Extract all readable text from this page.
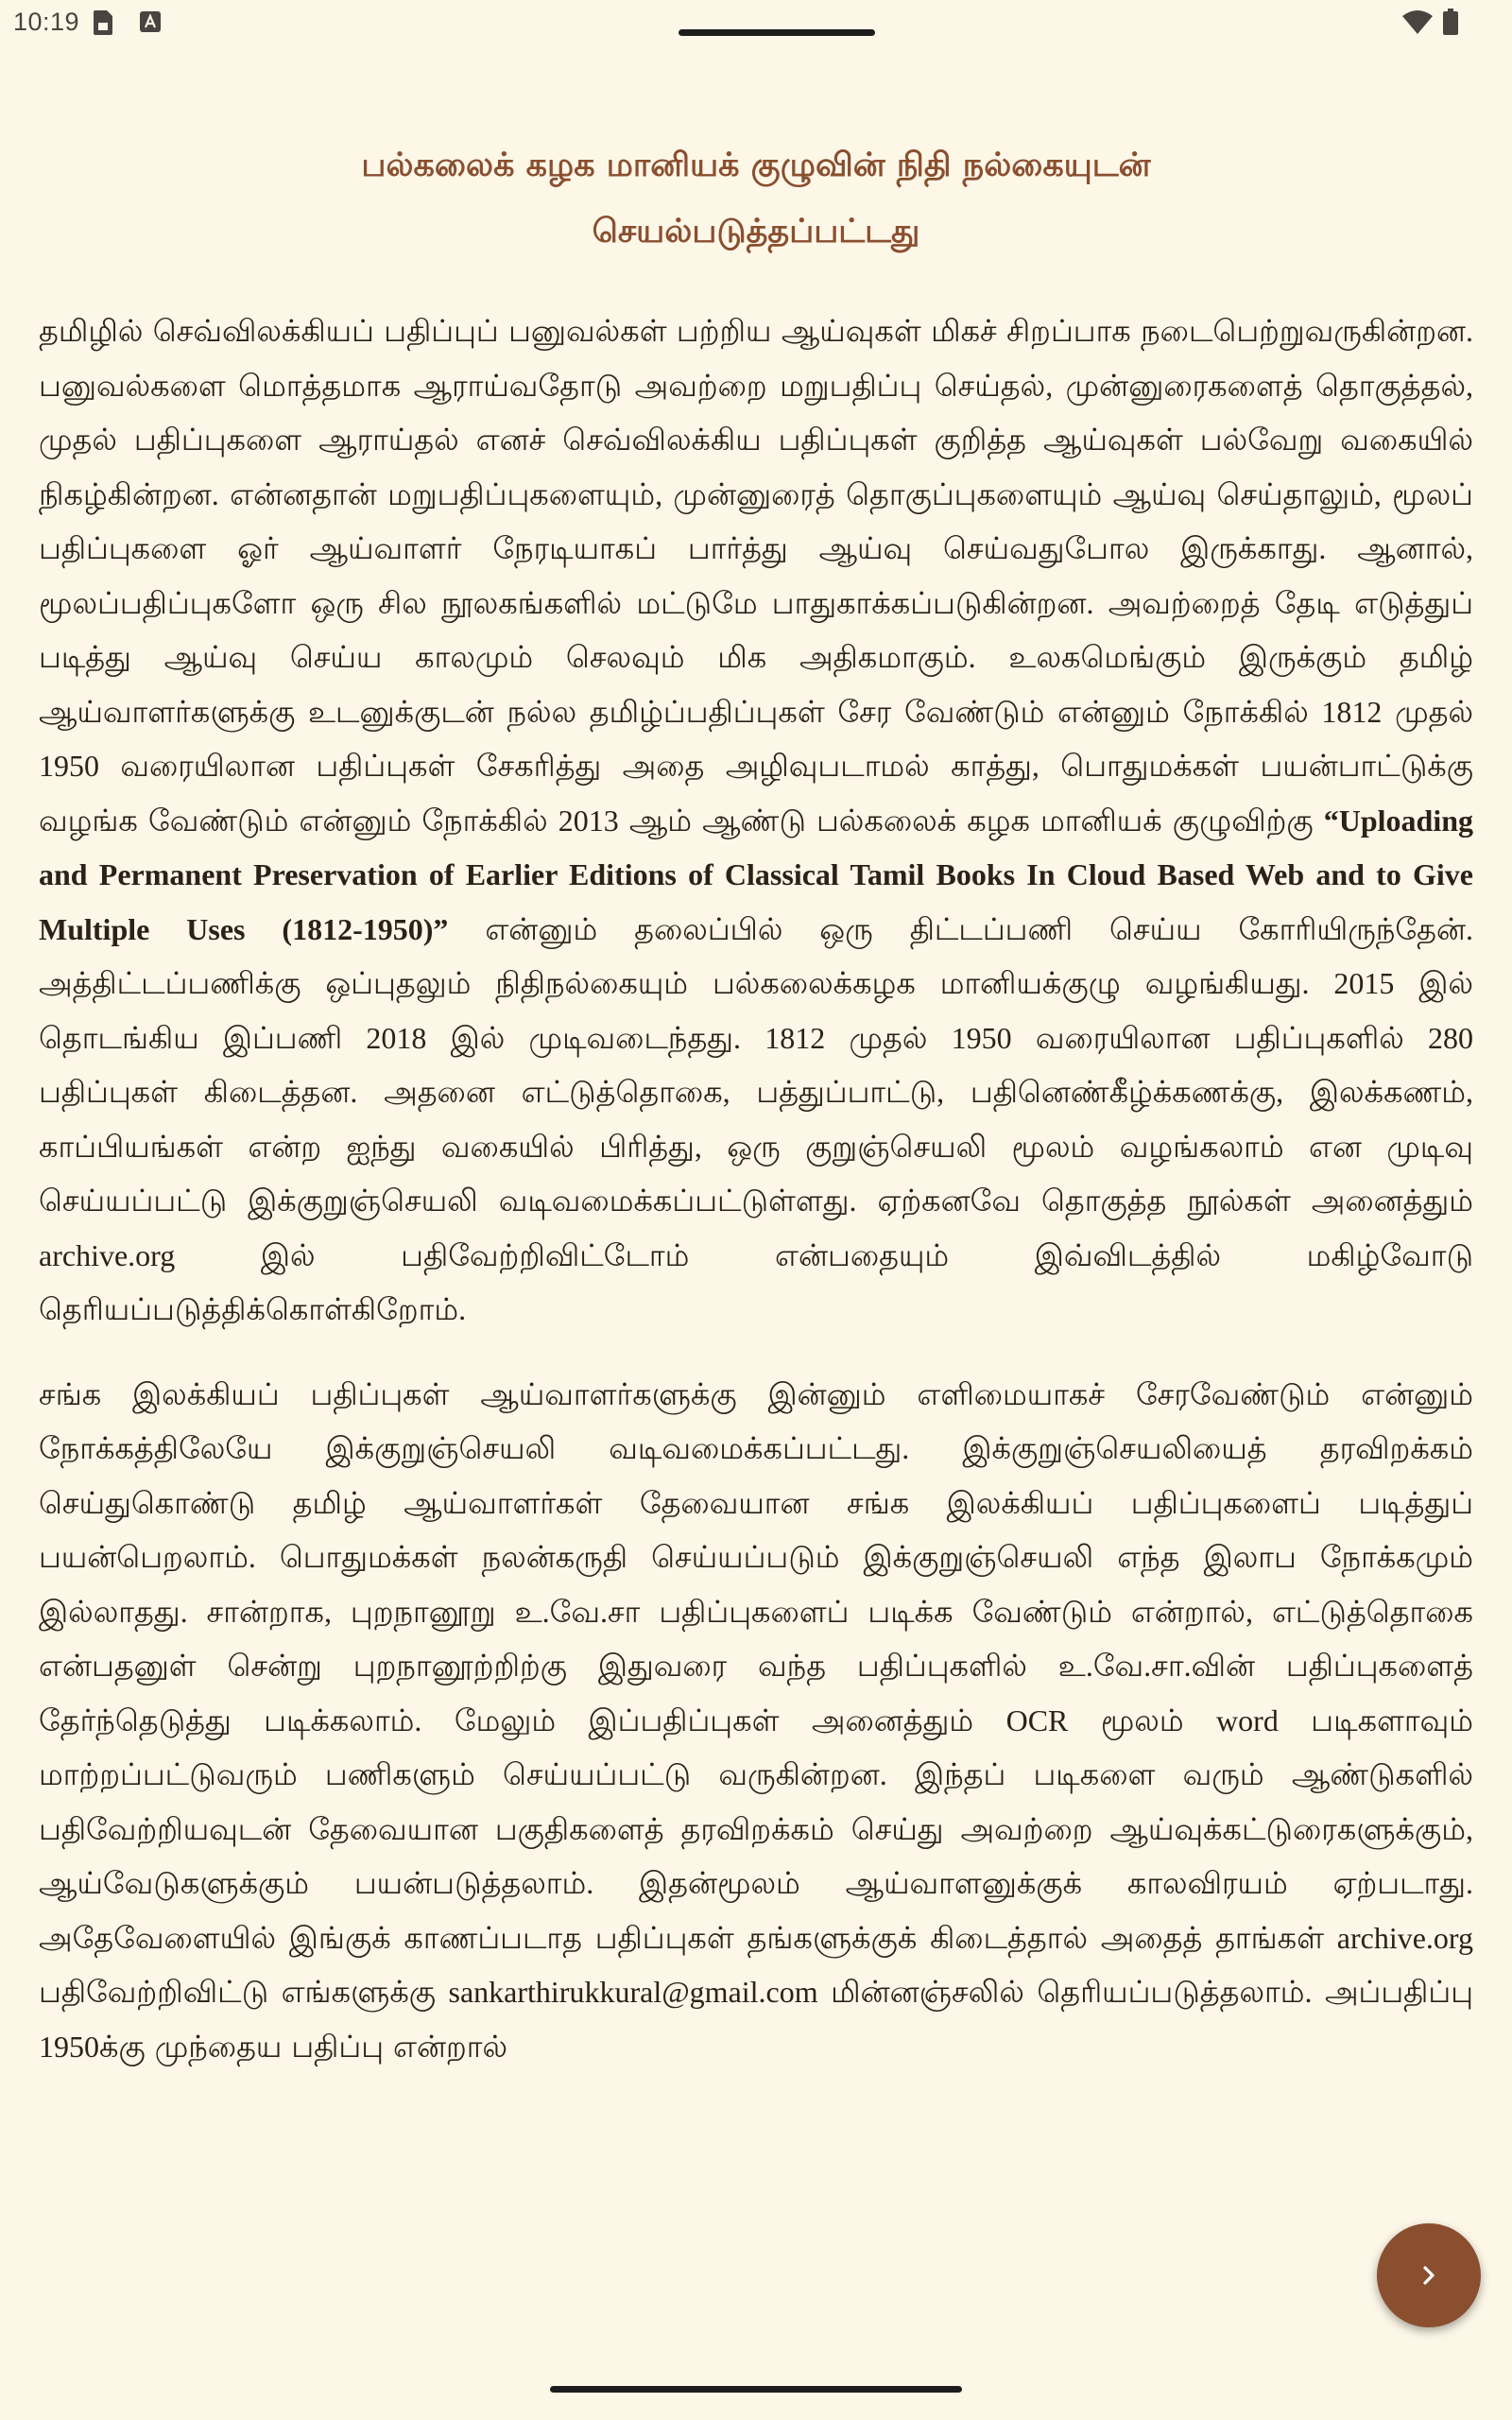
10:19
பல்கலைக் கழக மானியக் குழுவின் நிதி நல்கையுடன்
செயல்படுத்தப்பட்டது

தமிழில் செவ்விலக்கியப் பதிப்புப் பனுவல்கள் பற்றிய ஆய்வுகள் மிகச் சிறப்பாக நடைபெற்றுவருகின்றன. பனுவல்களை மொத்தமாக ஆராய்வதோடு அவற்றை மறுபதிப்பு செய்தல், முன்னுரைகளைத் தொகுத்தல், முதல் பதிப்புகளை ஆராய்தல் எனச் செவ்விலக்கிய பதிப்புகள் குறித்த ஆய்வுகள் பல்வேறு வகையில் நிகழ்கின்றன. என்னதான் மறுபதிப்புகளையும், முன்னுரைத் தொகுப்புகளையும் ஆய்வு செய்தாலும், மூலப் பதிப்புகளை ஓர் ஆய்வாளர் நேரடியாகப் பார்த்து ஆய்வு செய்வதுபோல இருக்காது. ஆனால், மூலப்பதிப்புகளோ ஒரு சில நூலகங்களில் மட்டுமே பாதுகாக்கப்படுகின்றன. அவற்றைத் தேடி எடுத்துப் படித்து ஆய்வு செய்ய காலமும் செலவும் மிக அதிகமாகும். உலகமெங்கும் இருக்கும் தமிழ் ஆய்வாளர்களுக்கு உடனுக்குடன் நல்ல தமிழ்ப்பதிப்புகள் சேர வேண்டும் என்னும் நோக்கில் 1812 முதல் 1950 வரையிலான பதிப்புகள் சேகரித்து அதை அழிவுபடாமல் காத்து, பொதுமக்கள் பயன்பாட்டுக்கு வழங்க வேண்டும் என்னும் நோக்கில் 2013 ஆம் ஆண்டு பல்கலைக் கழக மானியக் குழுவிற்கு “Uploading and Permanent Preservation of Earlier Editions of Classical Tamil Books In Cloud Based Web and to Give Multiple Uses (1812-1950)” என்னும் தலைப்பில் ஒரு திட்டப்பணி செய்ய கோரியிருந்தேன். அத்திட்டப்பணிக்கு ஒப்புதலும் நிதிநல்கையும் பல்கலைக்கழக மானியக்குழு வழங்கியது. 2015 இல் தொடங்கிய இப்பணி 2018 இல் முடிவடைந்தது. 1812 முதல் 1950 வரையிலான பதிப்புகளில் 280 பதிப்புகள் கிடைத்தன. அதனை எட்டுத்தொகை, பத்துப்பாட்டு, பதினெண்கீழ்க்கணக்கு, இலக்கணம், காப்பியங்கள் என்ற ஐந்து வகையில் பிரித்து, ஒரு குறுஞ்செயலி மூலம் வழங்கலாம் என முடிவு செய்யப்பட்டு இக்குறுஞ்செயலி வடிவமைக்கப்பட்டுள்ளது. ஏற்கனவே தொகுத்த நூல்கள் அனைத்தும் archive.org இல் பதிவேற்றிவிட்டோம் என்பதையும் இவ்விடத்தில் மகிழ்வோடு தெரியப்படுத்திக்கொள்கிறோம்.

சங்க இலக்கியப் பதிப்புகள் ஆய்வாளர்களுக்கு இன்னும் எளிமையாகச் சேரவேண்டும் என்னும் நோக்கத்திலேயே இக்குறுஞ்செயலி வடிவமைக்கப்பட்டது. இக்குறுஞ்செயலியைத் தரவிறக்கம் செய்துகொண்டு தமிழ் ஆய்வாளர்கள் தேவையான சங்க இலக்கியப் பதிப்புகளைப் படித்துப் பயன்பெறலாம். பொதுமக்கள் நலன்கருதி செய்யப்படும் இக்குறுஞ்செயலி எந்த இலாப நோக்கமும் இல்லாதது. சான்றாக, புறநானூறு உ.வே.சா பதிப்புகளைப் படிக்க வேண்டும் என்றால், எட்டுத்தொகை என்பதனுள் சென்று புறநானூற்றிற்கு இதுவரை வந்த பதிப்புகளில் உ.வே.சா.வின் பதிப்புகளைத் தேர்ந்தெடுத்து படிக்கலாம். மேலும் இப்பதிப்புகள் அனைத்தும் OCR மூலம் word படிகளாவும் மாற்றப்பட்டுவரும் பணிகளும் செய்யப்பட்டு வருகின்றன. இந்தப் படிகளை வரும் ஆண்டுகளில் பதிவேற்றியவுடன் தேவையான பகுதிகளைத் தரவிறக்கம் செய்து அவற்றை ஆய்வுக்கட்டுரைகளுக்கும், ஆய்வேடுகளுக்கும் பயன்படுத்தலாம். இதன்மூலம் ஆய்வாளனுக்குக் காலவிரயம் ஏற்படாது. அதேவேளையில் இங்குக் காணப்படாத பதிப்புகள் தங்களுக்குக் கிடைத்தால் அதைத் தாங்கள் archive.org பதிவேற்றிவிட்டு எங்களுக்கு sankarthirukkural@gmail.com மின்னஞ்சலில் தெரியப்படுத்தலாம். அப்பதிப்பு 1950க்கு முந்தைய பதிப்பு என்றால்
